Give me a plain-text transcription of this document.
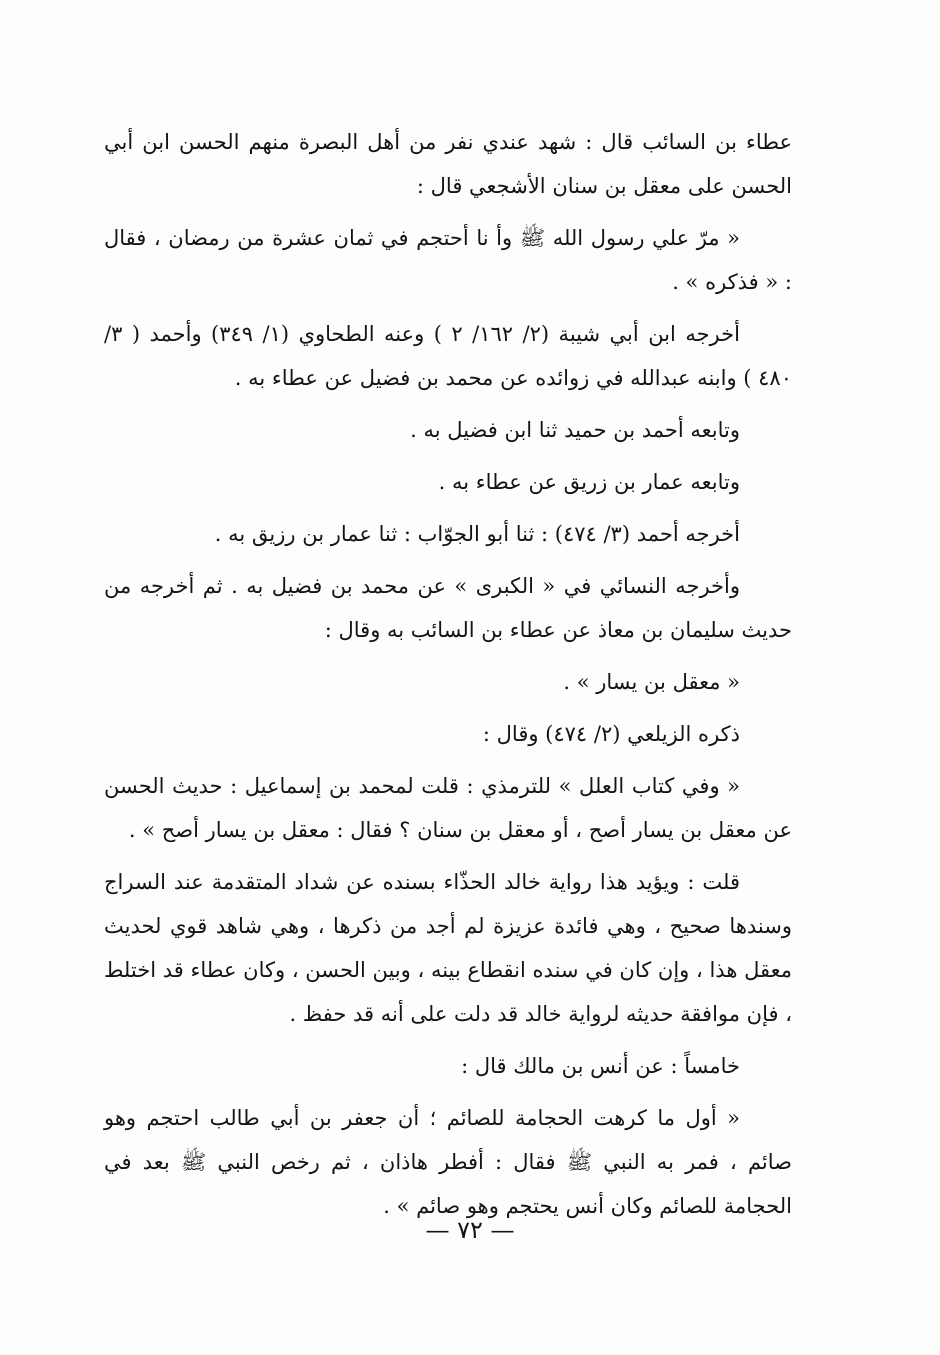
عطاء بن السائب قال : شهد عندي نفر من أهل البصرة منهم الحسن ابن أبي الحسن على معقل بن سنان الأشجعي قال :

« مرّ علي رسول الله ﷺ وأ نا أحتجم في ثمان عشرة من رمضان ، فقال : « فذكره » .

أخرجه ابن أبي شيبة (٢/ ١٦٢/ ٢ ) وعنه الطحاوي (١/ ٣٤٩) وأحمد ( ٣/ ٤٨٠ ) وابنه عبدالله في زوائده عن محمد بن فضيل عن عطاء به .

وتابعه أحمد بن حميد ثنا ابن فضيل به .

وتابعه عمار بن زريق عن عطاء به .

أخرجه أحمد (٣/ ٤٧٤) : ثنا أبو الجوّاب : ثنا عمار بن رزيق به .

وأخرجه النسائي في « الكبرى » عن محمد بن فضيل به . ثم أخرجه من حديث سليمان بن معاذ عن عطاء بن السائب به وقال :

« معقل بن يسار » .

ذكره الزيلعي (٢/ ٤٧٤) وقال :

« وفي كتاب العلل » للترمذي : قلت لمحمد بن إسماعيل : حديث الحسن عن معقل بن يسار أصح ، أو معقل بن سنان ؟ فقال : معقل بن يسار أصح » .

قلت : ويؤيد هذا رواية خالد الحذّاء بسنده عن شداد المتقدمة عند السراج وسندها صحيح ، وهي فائدة عزيزة لم أجد من ذكرها ، وهي شاهد قوي لحديث معقل هذا ، وإن كان في سنده انقطاع بينه ، وبين الحسن ، وكان عطاء قد اختلط ، فإن موافقة حديثه لرواية خالد قد دلت على أنه قد حفظ .

خامساً : عن أنس بن مالك قال :

« أول ما كرهت الحجامة للصائم ؛ أن جعفر بن أبي طالب احتجم وهو صائم ، فمر به النبي ﷺ فقال : أفطر هاذان ، ثم رخص النبي ﷺ بعد في الحجامة للصائم وكان أنس يحتجم وهو صائم » .

— ٧٢ —
